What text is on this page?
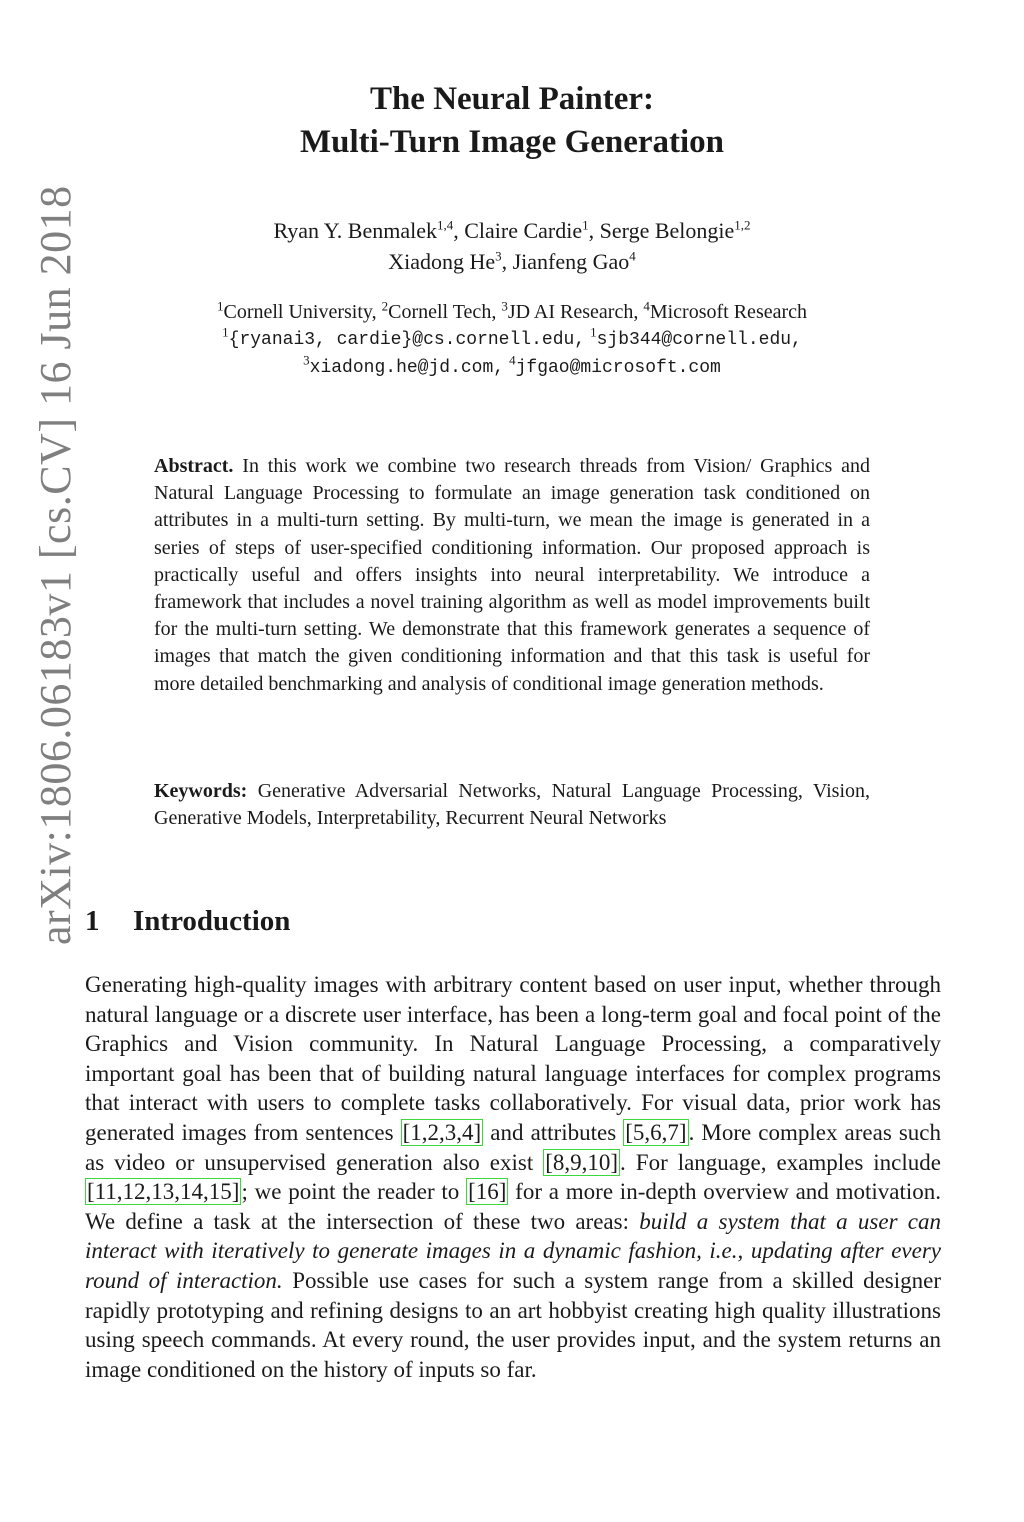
arXiv:1806.06183v1 [cs.CV] 16 Jun 2018
The Neural Painter:
Multi-Turn Image Generation
Ryan Y. Benmalek$^{1,4}$, Claire Cardie$^1$, Serge Belongie$^{1,2}$
Xiadong He$^3$, Jianfeng Gao$^4$
$^1$Cornell University, $^2$Cornell Tech, $^3$JD AI Research, $^4$Microsoft Research
$^1${ryanai3, cardie}@cs.cornell.edu, $^1$sjb344@cornell.edu,
$^3$xiadong.he@jd.com, $^4$jfgao@microsoft.com
Abstract. In this work we combine two research threads from Vision/ Graphics and Natural Language Processing to formulate an image generation task conditioned on attributes in a multi-turn setting. By multi-turn, we mean the image is generated in a series of steps of user-specified conditioning information. Our proposed approach is practically useful and offers insights into neural interpretability. We introduce a framework that includes a novel training algorithm as well as model improvements built for the multi-turn setting. We demonstrate that this framework generates a sequence of images that match the given conditioning information and that this task is useful for more detailed benchmarking and analysis of conditional image generation methods.
Keywords: Generative Adversarial Networks, Natural Language Processing, Vision, Generative Models, Interpretability, Recurrent Neural Networks
1 Introduction
Generating high-quality images with arbitrary content based on user input, whether through natural language or a discrete user interface, has been a long-term goal and focal point of the Graphics and Vision community. In Natural Language Processing, a comparatively important goal has been that of building natural language interfaces for complex programs that interact with users to complete tasks collaboratively. For visual data, prior work has generated images from sentences [1,2,3,4] and attributes [5,6,7]. More complex areas such as video or unsupervised generation also exist [8,9,10]. For language, examples include [11,12,13,14,15]; we point the reader to [16] for a more in-depth overview and motivation. We define a task at the intersection of these two areas: build a system that a user can interact with iteratively to generate images in a dynamic fashion, i.e., updating after every round of interaction. Possible use cases for such a system range from a skilled designer rapidly prototyping and refining designs to an art hobbyist creating high quality illustrations using speech commands. At every round, the user provides input, and the system returns an image conditioned on the history of inputs so far.
